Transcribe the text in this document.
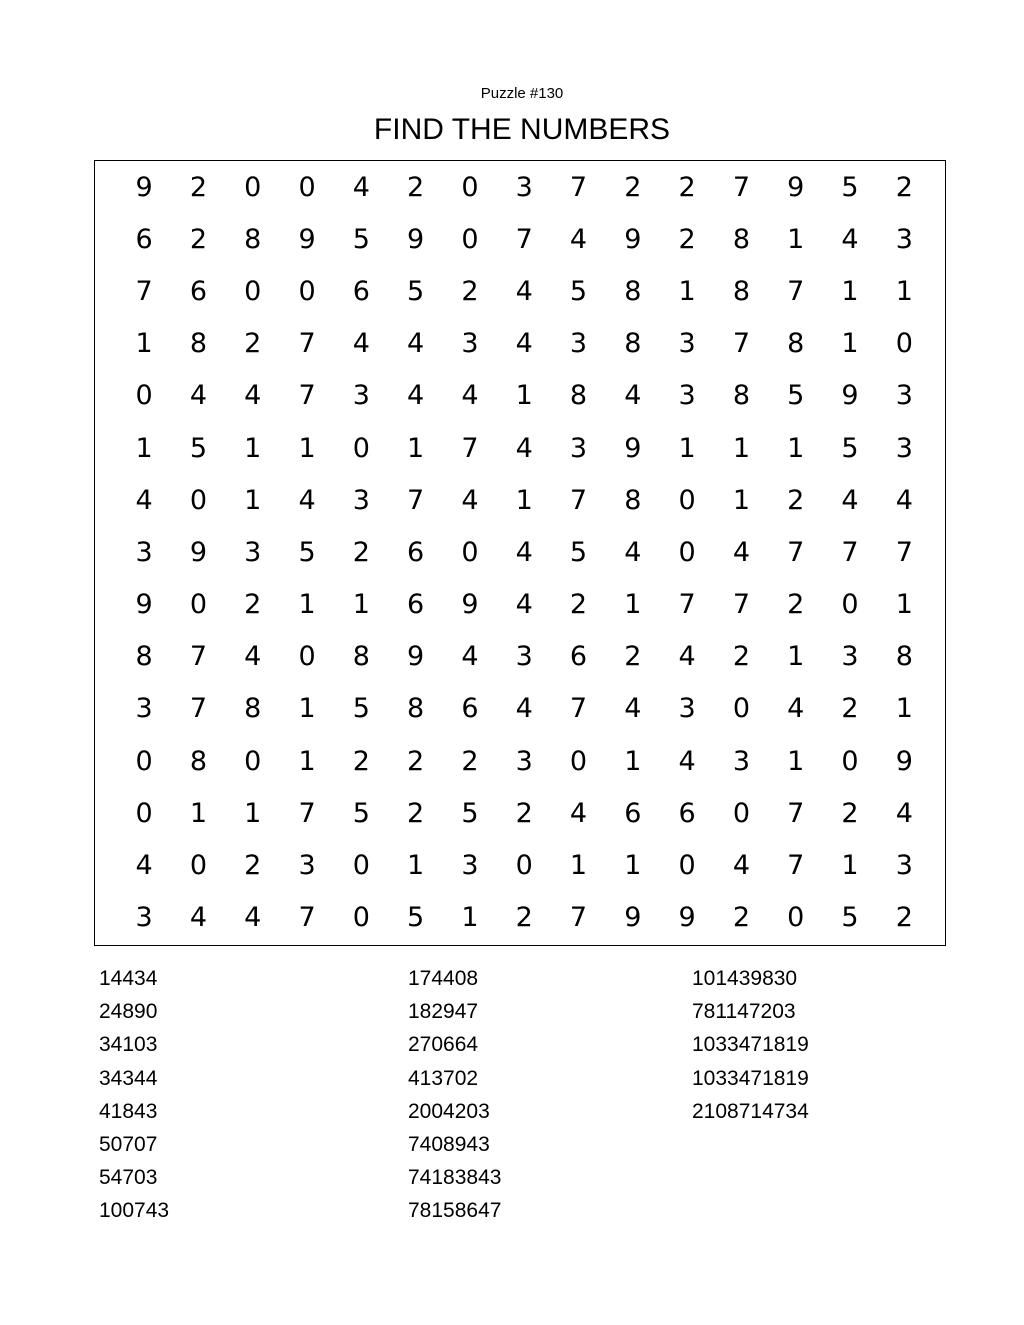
Puzzle #130
FIND THE NUMBERS
9	2	0	0	4	2	0	3	7	2	2	7	9	5	2
6	2	8	9	5	9	0	7	4	9	2	8	1	4	3
7	6	0	0	6	5	2	4	5	8	1	8	7	1	1
1	8	2	7	4	4	3	4	3	8	3	7	8	1	0
0	4	4	7	3	4	4	1	8	4	3	8	5	9	3
1	5	1	1	0	1	7	4	3	9	1	1	1	5	3
4	0	1	4	3	7	4	1	7	8	0	1	2	4	4
3	9	3	5	2	6	0	4	5	4	0	4	7	7	7
9	0	2	1	1	6	9	4	2	1	7	7	2	0	1
8	7	4	0	8	9	4	3	6	2	4	2	1	3	8
3	7	8	1	5	8	6	4	7	4	3	0	4	2	1
0	8	0	1	2	2	2	3	0	1	4	3	1	0	9
0	1	1	7	5	2	5	2	4	6	6	0	7	2	4
4	0	2	3	0	1	3	0	1	1	0	4	7	1	3
3	4	4	7	0	5	1	2	7	9	9	2	0	5	2
14434
24890
34103
34344
41843
50707
54703
100743
174408
182947
270664
413702
2004203
7408943
74183843
78158647
101439830
781147203
1033471819
1033471819
2108714734
